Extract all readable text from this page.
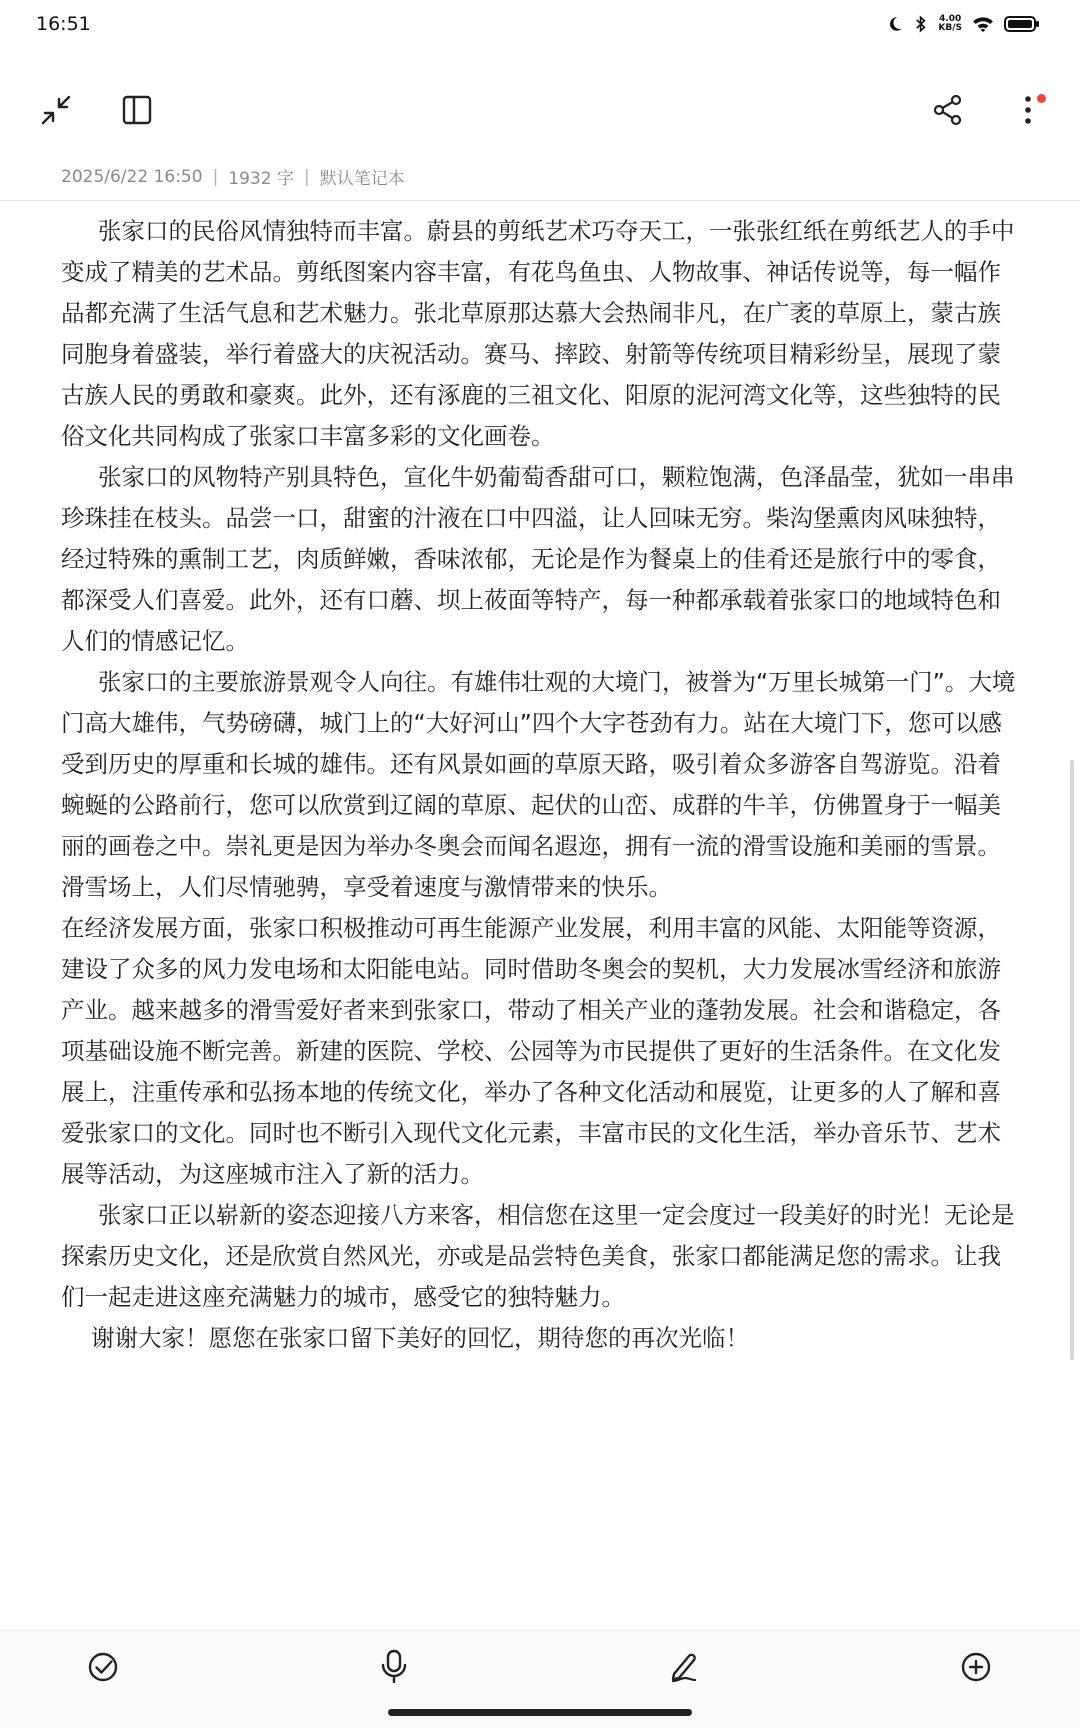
16:51	4.00
KB/S
2025/6/22 16:50 | 1932 字 | 默认笔记本

张家口的民俗风情独特而丰富。蔚县的剪纸艺术巧夺天工，一张张红纸在剪纸艺人的手中变成了精美的艺术品。剪纸图案内容丰富，有花鸟鱼虫、人物故事、神话传说等，每一幅作品都充满了生活气息和艺术魅力。张北草原那达慕大会热闹非凡，在广袤的草原上，蒙古族同胞身着盛装，举行着盛大的庆祝活动。赛马、摔跤、射箭等传统项目精彩纷呈，展现了蒙古族人民的勇敢和豪爽。此外，还有涿鹿的三祖文化、阳原的泥河湾文化等，这些独特的民俗文化共同构成了张家口丰富多彩的文化画卷。

张家口的风物特产别具特色，宣化牛奶葡萄香甜可口，颗粒饱满，色泽晶莹，犹如一串串珍珠挂在枝头。品尝一口，甜蜜的汁液在口中四溢，让人回味无穷。柴沟堡熏肉风味独特，经过特殊的熏制工艺，肉质鲜嫩，香味浓郁，无论是作为餐桌上的佳肴还是旅行中的零食，都深受人们喜爱。此外，还有口蘑、坝上莜面等特产，每一种都承载着张家口的地域特色和人们的情感记忆。

张家口的主要旅游景观令人向往。有雄伟壮观的大境门，被誉为“万里长城第一门”。大境门高大雄伟，气势磅礴，城门上的“大好河山”四个大字苍劲有力。站在大境门下，您可以感受到历史的厚重和长城的雄伟。还有风景如画的草原天路，吸引着众多游客自驾游览。沿着蜿蜒的公路前行，您可以欣赏到辽阔的草原、起伏的山峦、成群的牛羊，仿佛置身于一幅美丽的画卷之中。崇礼更是因为举办冬奥会而闻名遐迩，拥有一流的滑雪设施和美丽的雪景。滑雪场上，人们尽情驰骋，享受着速度与激情带来的快乐。

在经济发展方面，张家口积极推动可再生能源产业发展，利用丰富的风能、太阳能等资源，建设了众多的风力发电场和太阳能电站。同时借助冬奥会的契机，大力发展冰雪经济和旅游产业。越来越多的滑雪爱好者来到张家口，带动了相关产业的蓬勃发展。社会和谐稳定，各项基础设施不断完善。新建的医院、学校、公园等为市民提供了更好的生活条件。在文化发展上，注重传承和弘扬本地的传统文化，举办了各种文化活动和展览，让更多的人了解和喜爱张家口的文化。同时也不断引入现代文化元素，丰富市民的文化生活，举办音乐节、艺术展等活动，为这座城市注入了新的活力。

张家口正以崭新的姿态迎接八方来客，相信您在这里一定会度过一段美好的时光！无论是探索历史文化，还是欣赏自然风光，亦或是品尝特色美食，张家口都能满足您的需求。让我们一起走进这座充满魅力的城市，感受它的独特魅力。

谢谢大家！愿您在张家口留下美好的回忆，期待您的再次光临！
